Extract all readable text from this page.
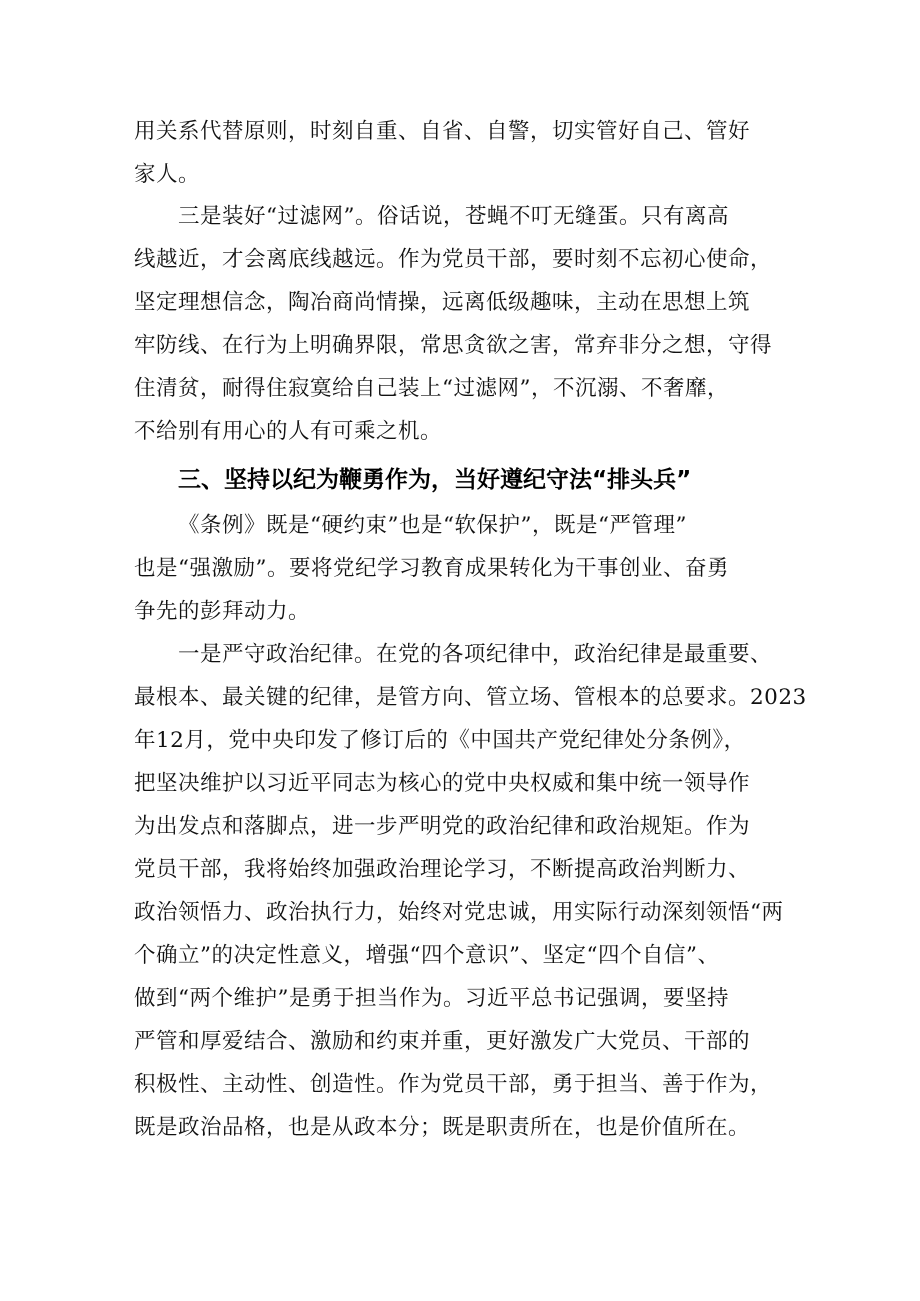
用关系代替原则，时刻自重、自省、自警，切实管好自己、管好
家人。
三是装好“过滤网”。俗话说，苍蝇不叮无缝蛋。只有离高
线越近，才会离底线越远。作为党员干部，要时刻不忘初心使命，
坚定理想信念，陶冶商尚情操，远离低级趣味，主动在思想上筑
牢防线、在行为上明确界限，常思贪欲之害，常弃非分之想，守得
住清贫，耐得住寂寞给自己装上“过滤网”，不沉溺、不奢靡，
不给别有用心的人有可乘之机。
三、坚持以纪为鞭勇作为，当好遵纪守法“排头兵”
《条例》既是“硬约束”也是“软保护”，既是“严管理”
也是“强激励”。要将党纪学习教育成果转化为干事创业、奋勇
争先的彭拜动力。
一是严守政治纪律。在党的各项纪律中，政治纪律是最重要、
最根本、最关键的纪律，是管方向、管立场、管根本的总要求。2023
年12月，党中央印发了修订后的《中国共产党纪律处分条例》，
把坚决维护以习近平同志为核心的党中央权威和集中统一领导作
为出发点和落脚点，进一步严明党的政治纪律和政治规矩。作为
党员干部，我将始终加强政治理论学习，不断提高政治判断力、
政治领悟力、政治执行力，始终对党忠诚，用实际行动深刻领悟“两
个确立”的决定性意义，增强“四个意识”、坚定“四个自信”、
做到“两个维护”是勇于担当作为。习近平总书记强调，要坚持
严管和厚爱结合、激励和约束并重，更好激发广大党员、干部的
积极性、主动性、创造性。作为党员干部，勇于担当、善于作为，
既是政治品格，也是从政本分；既是职责所在，也是价值所在。
